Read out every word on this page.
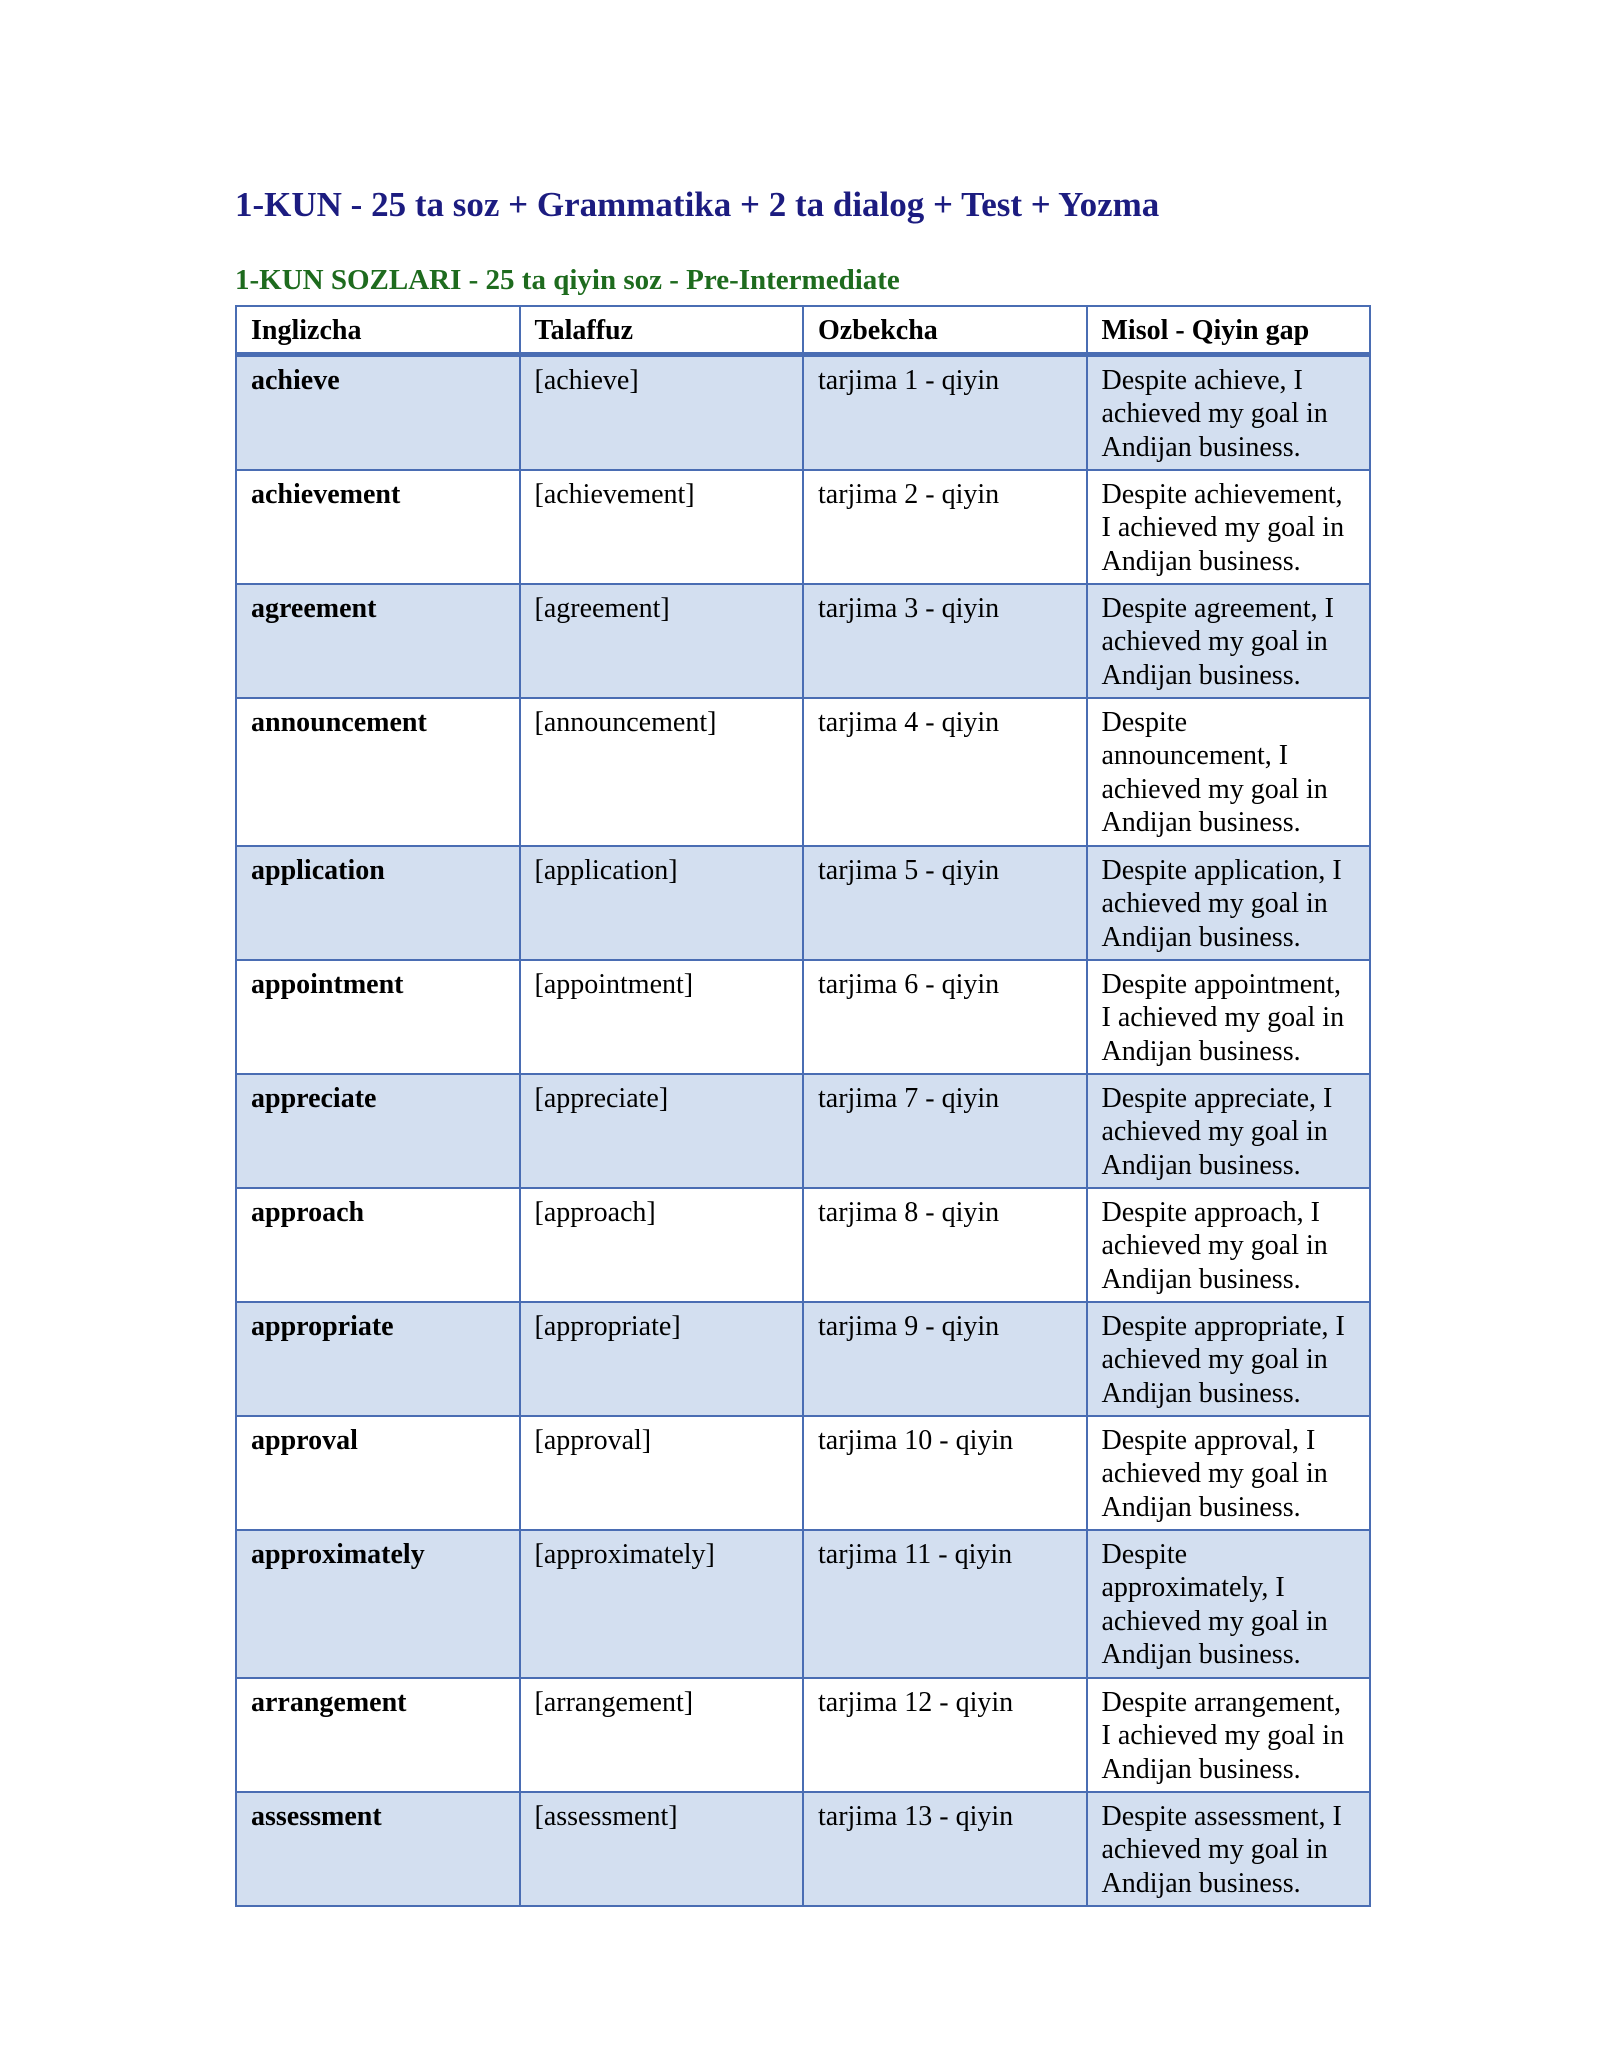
1-KUN - 25 ta soz + Grammatika + 2 ta dialog + Test + Yozma
1-KUN SOZLARI - 25 ta qiyin soz - Pre-Intermediate
Inglizcha	Talaffuz	Ozbekcha	Misol - Qiyin gap
achieve	[achieve]	tarjima 1 - qiyin	Despite achieve, I achieved my goal in Andijan business.
achievement	[achievement]	tarjima 2 - qiyin	Despite achievement, I achieved my goal in Andijan business.
agreement	[agreement]	tarjima 3 - qiyin	Despite agreement, I achieved my goal in Andijan business.
announcement	[announcement]	tarjima 4 - qiyin	Despite announcement, I achieved my goal in Andijan business.
application	[application]	tarjima 5 - qiyin	Despite application, I achieved my goal in Andijan business.
appointment	[appointment]	tarjima 6 - qiyin	Despite appointment, I achieved my goal in Andijan business.
appreciate	[appreciate]	tarjima 7 - qiyin	Despite appreciate, I achieved my goal in Andijan business.
approach	[approach]	tarjima 8 - qiyin	Despite approach, I achieved my goal in Andijan business.
appropriate	[appropriate]	tarjima 9 - qiyin	Despite appropriate, I achieved my goal in Andijan business.
approval	[approval]	tarjima 10 - qiyin	Despite approval, I achieved my goal in Andijan business.
approximately	[approximately]	tarjima 11 - qiyin	Despite approximately, I achieved my goal in Andijan business.
arrangement	[arrangement]	tarjima 12 - qiyin	Despite arrangement, I achieved my goal in Andijan business.
assessment	[assessment]	tarjima 13 - qiyin	Despite assessment, I achieved my goal in Andijan business.
